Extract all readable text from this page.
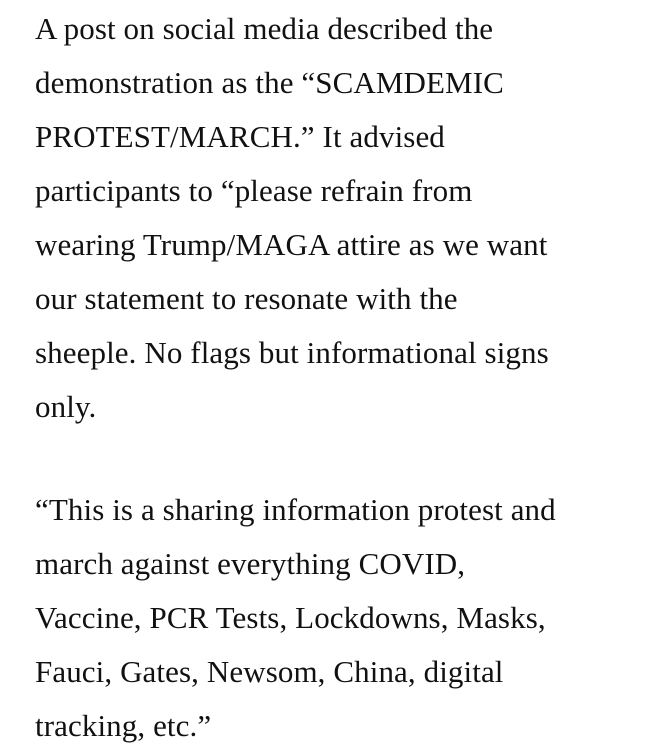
A post on social media described the
demonstration as the “SCAMDEMIC
PROTEST/MARCH.” It advised
participants to “please refrain from
wearing Trump/MAGA attire as we want
our statement to resonate with the
sheeple. No flags but informational signs
only.

“This is a sharing information protest and
march against everything COVID,
Vaccine, PCR Tests, Lockdowns, Masks,
Fauci, Gates, Newsom, China, digital
tracking, etc.”
